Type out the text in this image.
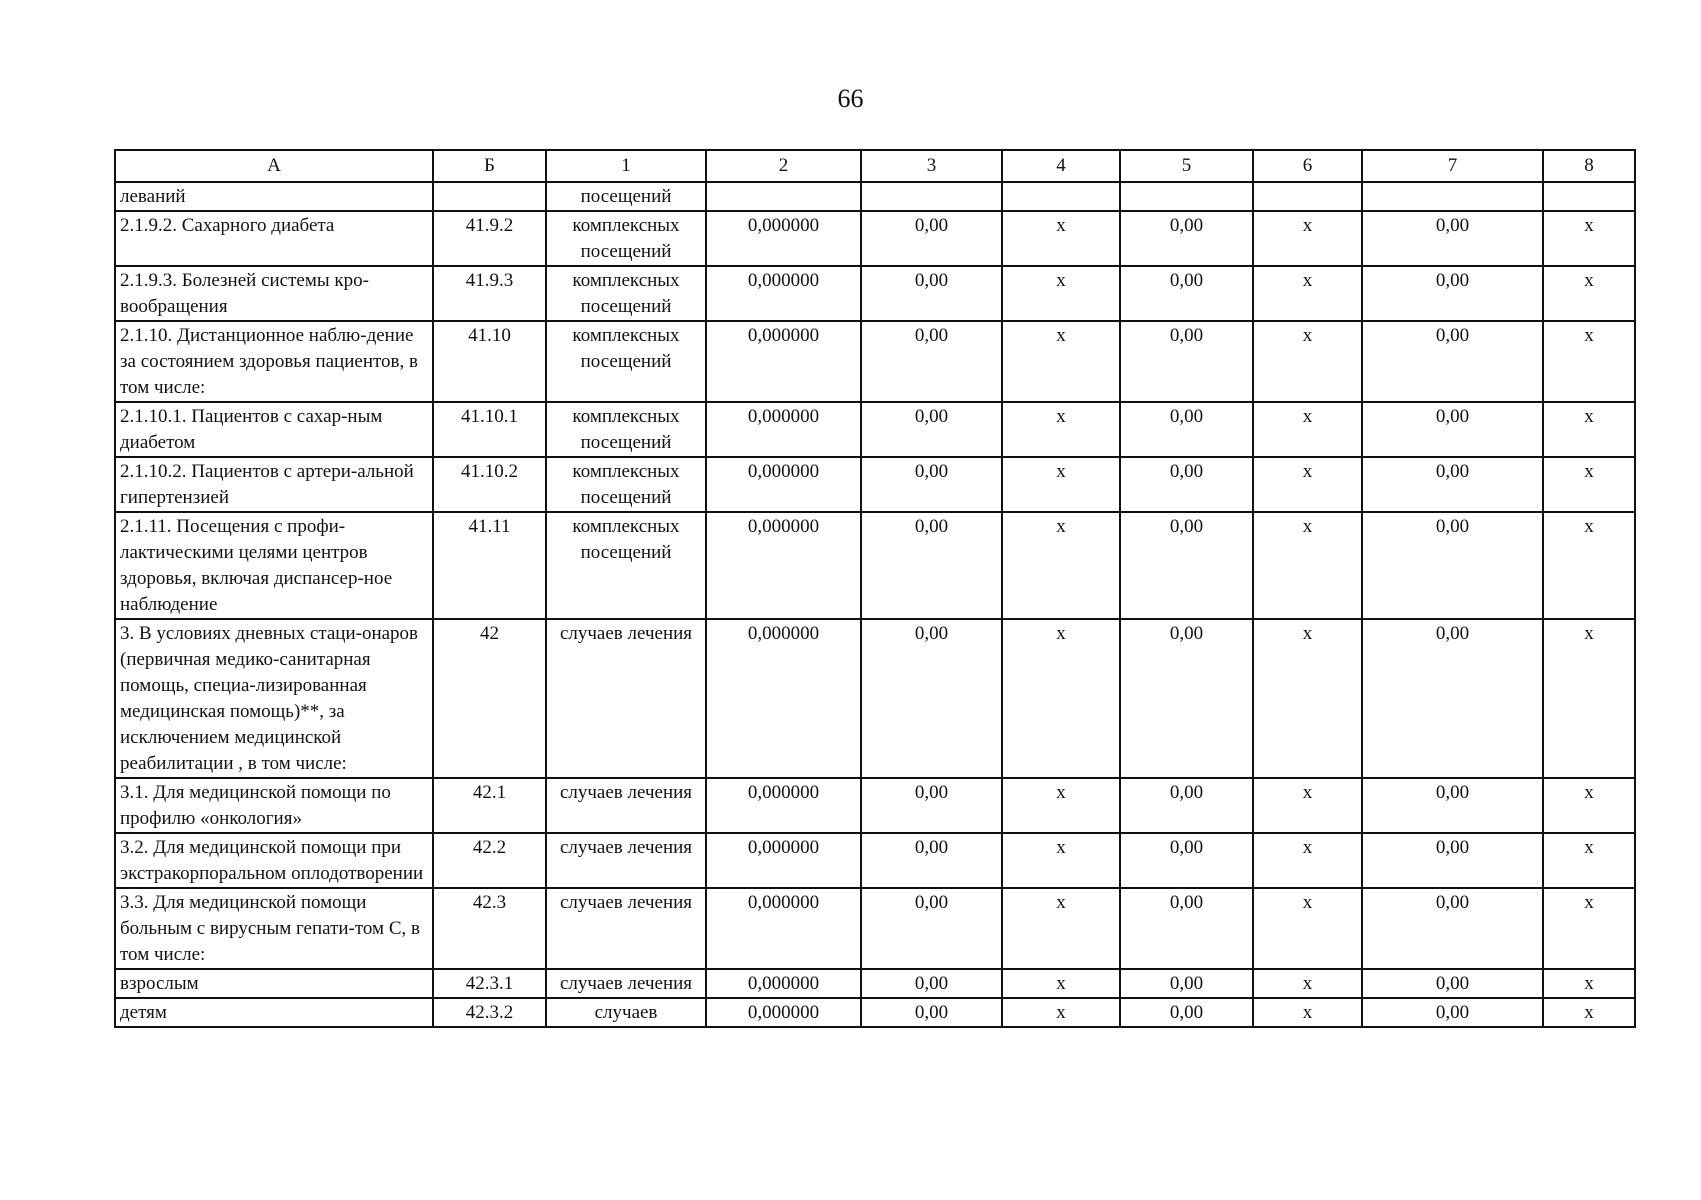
66
А	Б	1	2	3	4	5	6	7	8
леваний		посещений							
2.1.9.2. Сахарного диабета	41.9.2	комплексных посещений	0,000000	0,00	х	0,00	х	0,00	х
2.1.9.3. Болезней системы кро-вообращения	41.9.3	комплексных посещений	0,000000	0,00	х	0,00	х	0,00	х
2.1.10. Дистанционное наблю-дение за состоянием здоровья пациентов, в том числе:	41.10	комплексных посещений	0,000000	0,00	х	0,00	х	0,00	х
2.1.10.1. Пациентов с сахар-ным диабетом	41.10.1	комплексных посещений	0,000000	0,00	х	0,00	х	0,00	х
2.1.10.2. Пациентов с артери-альной гипертензией	41.10.2	комплексных посещений	0,000000	0,00	х	0,00	х	0,00	х
2.1.11. Посещения с профи-лактическими целями центров здоровья, включая диспансер-ное наблюдение	41.11	комплексных посещений	0,000000	0,00	х	0,00	х	0,00	х
3. В условиях дневных стаци-онаров (первичная медико-санитарная помощь, специа-лизированная медицинская помощь)**, за исключением медицинской реабилитации , в том числе:	42	случаев лечения	0,000000	0,00	х	0,00	х	0,00	х
3.1. Для медицинской помощи по профилю «онкология»	42.1	случаев лечения	0,000000	0,00	х	0,00	х	0,00	х
3.2. Для медицинской помощи при экстракорпоральном оплодотворении	42.2	случаев лечения	0,000000	0,00	х	0,00	х	0,00	х
3.3. Для медицинской помощи больным с вирусным гепати-том С, в том числе:	42.3	случаев лечения	0,000000	0,00	х	0,00	х	0,00	х
взрослым	42.3.1	случаев лечения	0,000000	0,00	х	0,00	х	0,00	х
детям	42.3.2	случаев	0,000000	0,00	х	0,00	х	0,00	х
